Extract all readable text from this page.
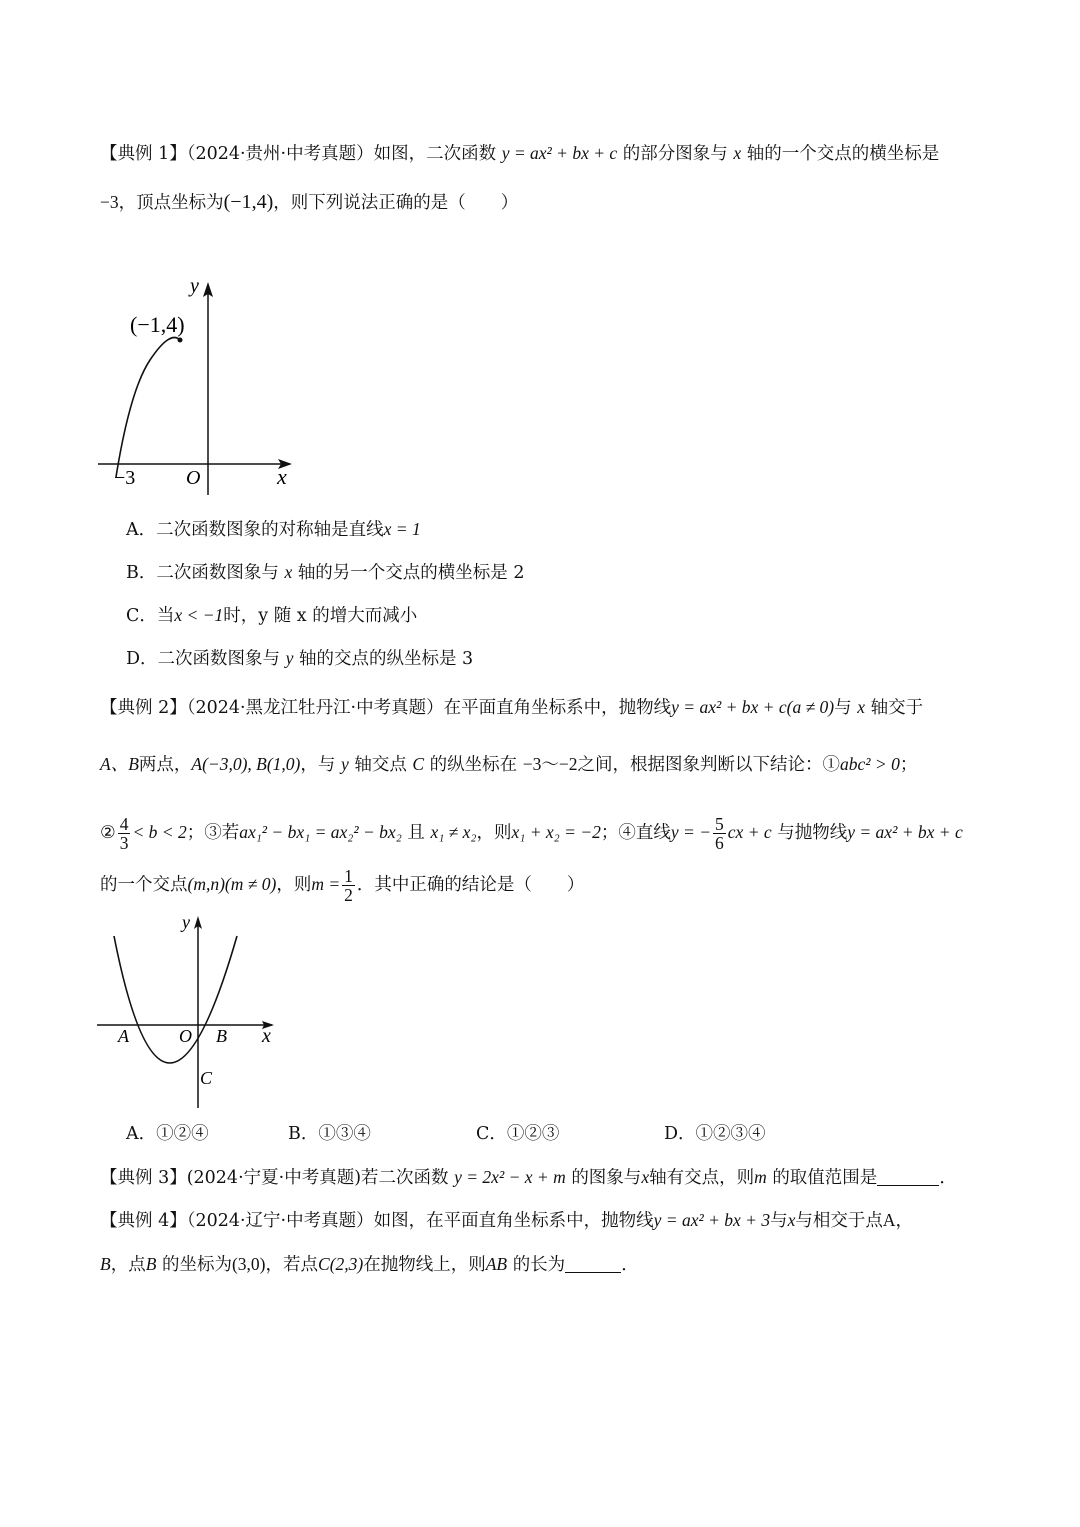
【典例 1】（2024·贵州·中考真题）如图，二次函数 y = ax² + bx + c 的部分图象与 x 轴的一个交点的横坐标是
−3，顶点坐标为(−1,4)，则下列说法正确的是（　　）
(−1,4)
y
x
O
−3
A．二次函数图象的对称轴是直线x = 1
B．二次函数图象与 x 轴的另一个交点的横坐标是 2
C．当x < −1时，y 随 x 的增大而减小
D．二次函数图象与 y 轴的交点的纵坐标是 3
【典例 2】（2024·黑龙江牡丹江·中考真题）在平面直角坐标系中，抛物线y = ax² + bx + c(a ≠ 0)与 x 轴交于
A、B两点，A(−3,0), B(1,0)，与 y 轴交点 C 的纵坐标在 −3～−2之间，根据图象判断以下结论：①abc² > 0；
② $\frac{4}{3} < b < 2$；③若ax₁² − bx₁ = ax₂² − bx₂ 且 x₁ ≠ x₂，则x₁ + x₂ = −2；④直线y = − $\frac{5}{6}$ cx + c 与抛物线y = ax² + bx + c
的一个交点(m,n)(m ≠ 0)，则$m = \frac{1}{2}$ ．其中正确的结论是（　　）
y
x
A	O B
C
A．①②④	B．①③④	C．①②③	D．①②③④
【典例 3】(2024·宁夏·中考真题)若二次函数 y = 2x² − x + m 的图象与x轴有交点，则m 的取值范围是	．
【典例 4】（2024·辽宁·中考真题）如图，在平面直角坐标系中，抛物线y = ax² + bx + 3与x与相交于点A，
B，点B 的坐标为(3,0)，若点C(2,3)在抛物线上，则AB 的长为	．
